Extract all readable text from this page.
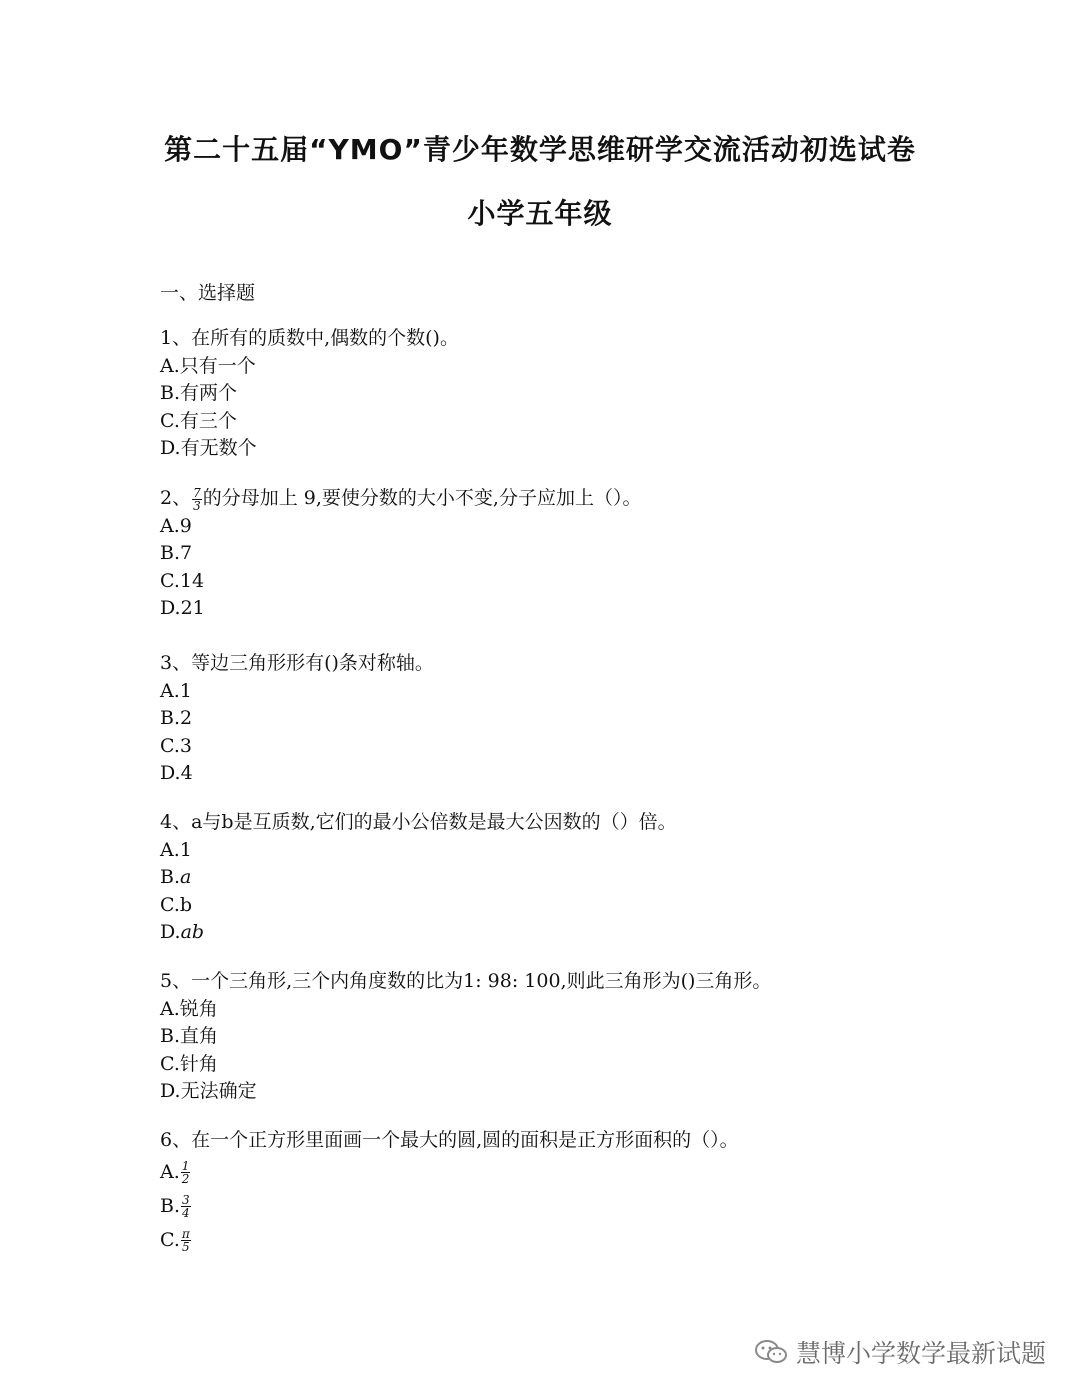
第二十五届“YMO”青少年数学思维研学交流活动初选试卷
小学五年级
一、选择题
1、在所有的质数中,偶数的个数()。
A.只有一个
B.有两个
C.有三个
D.有无数个
2、 $\frac{7}{3}$ 的分母加上 9,要使分数的大小不变,分子应加上（）。
A.9
B.7
C.14
D.21
3、等边三角形形有()条对称轴。
A.1
B.2
C.3
D.4
4、a与b是互质数,它们的最小公倍数是最大公因数的（）倍。
A.1
B.a
C.b
D.ab
5、一个三角形,三个内角度数的比为1: 98: 100,则此三角形为()三角形。
A.锐角
B.直角
C.针角
D.无法确定
6、在一个正方形里面画一个最大的圆,圆的面积是正方形面积的（）。
A. $\frac{1}{2}$
B. $\frac{3}{4}$
C. $\frac{\pi}{5}$
慧博小学数学最新试题
